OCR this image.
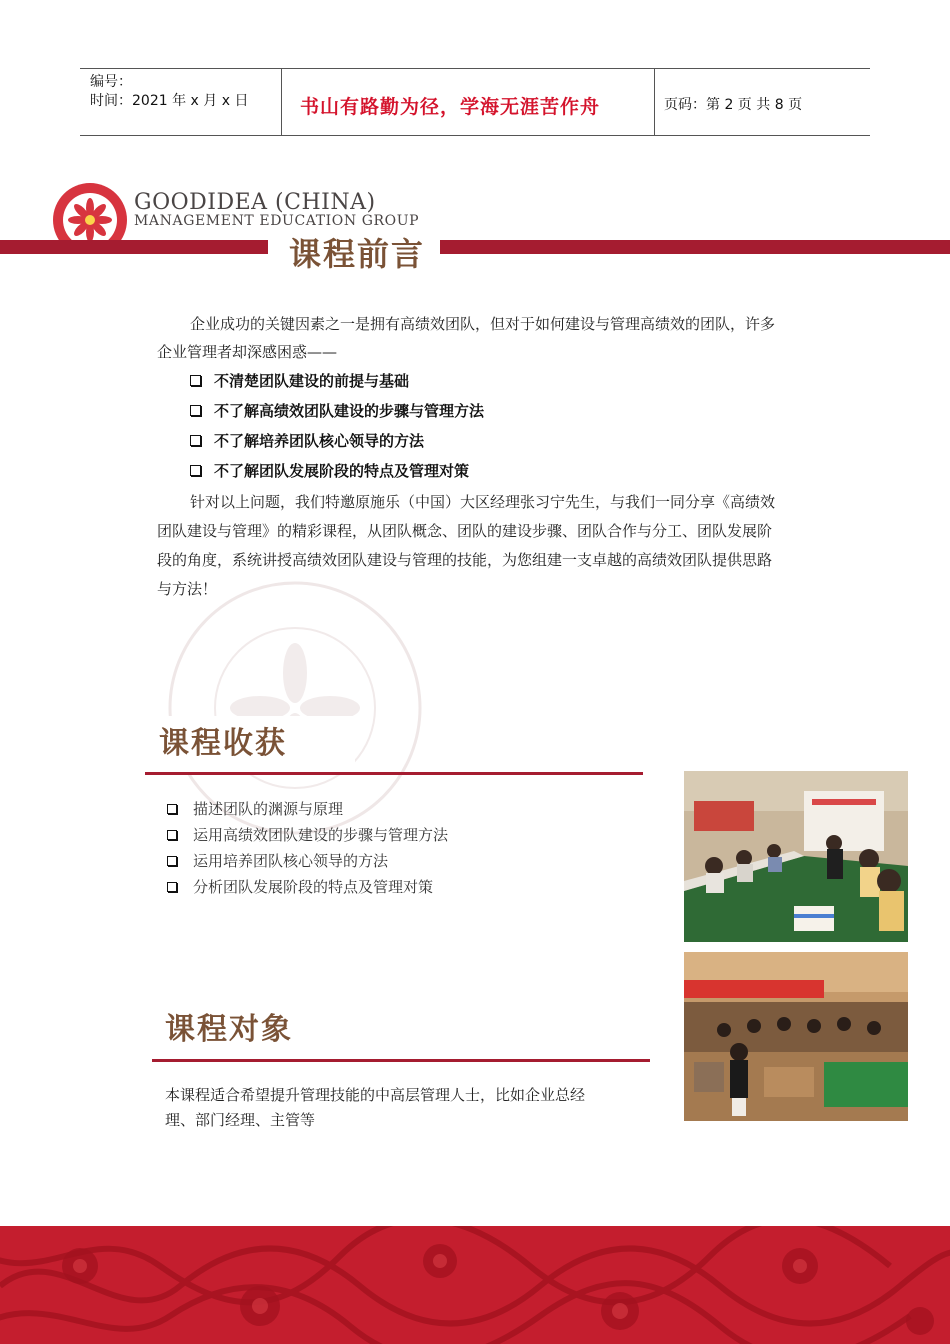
编号：
时间：2021 年 x 月 x 日	书山有路勤为径，学海无涯苦作舟	页码：第 2 页 共 8 页
GOODIDEA (CHINA)
MANAGEMENT EDUCATION GROUP
课程前言
企业成功的关键因素之一是拥有高绩效团队，但对于如何建设与管理高绩效的团队，许多
企业管理者却深感困惑——
不清楚团队建设的前提与基础
不了解高绩效团队建设的步骤与管理方法
不了解培养团队核心领导的方法
不了解团队发展阶段的特点及管理对策
针对以上问题，我们特邀原施乐（中国）大区经理张习宁先生，与我们一同分享《高绩效
团队建设与管理》的精彩课程，从团队概念、团队的建设步骤、团队合作与分工、团队发展阶
段的角度，系统讲授高绩效团队建设与管理的技能，为您组建一支卓越的高绩效团队提供思路
与方法！
课程收获
描述团队的渊源与原理
运用高绩效团队建设的步骤与管理方法
运用培养团队核心领导的方法
分析团队发展阶段的特点及管理对策
课程对象
本课程适合希望提升管理技能的中高层管理人士，比如企业总经
理、部门经理、主管等
